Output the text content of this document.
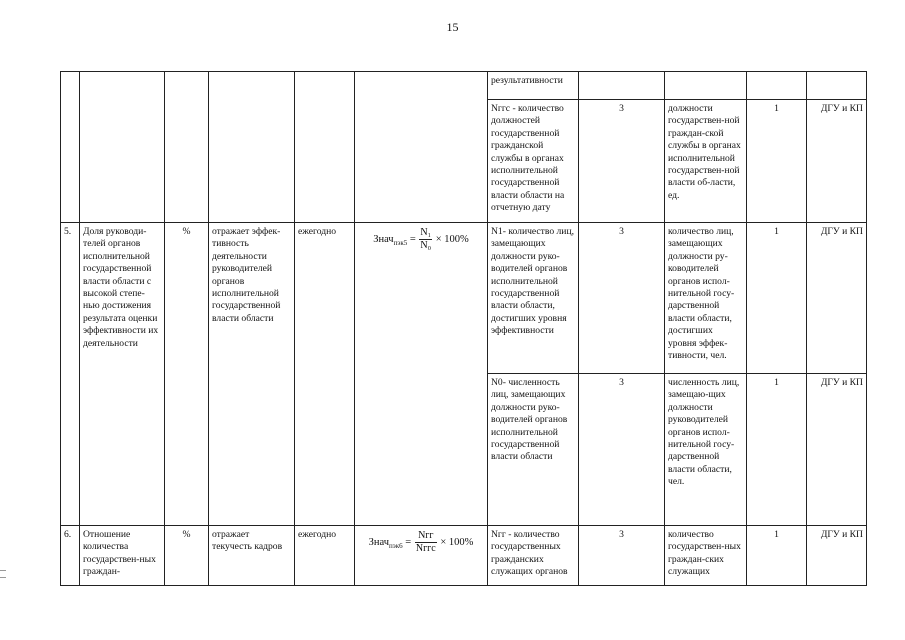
15
						результативности				
						Nггс - количество должностей государственной гражданской службы в органах исполнительной государственной власти области на отчетную дату	3	должности государствен-ной граждан-ской службы в органах исполнительной государствен-ной власти об-ласти, ед.	1	ДГУ и КП
5.	Доля руководи-телей органов исполнительной государственной власти области с высокой степе-нью достижения результата оценки эффективности их деятельности	%	отражает эффек-тивность деятельности руководителей органов исполнительной государственной власти области	ежегодно	Знач$_{пэк5}$ = $\frac{\text{N₁}}{\text{N₀}} \times 100\%$	N1- количество лиц, замещающих должности руко-водителей органов исполнительной государственной власти области, достигших уровня эффективности	3	количество лиц, замещающих должности ру-ководителей органов испол-нительной госу-дарственной власти области, достигших уровня эффек-тивности, чел.	1	ДГУ и КП
						N0- численность лиц, замещающих должности руко-водителей органов исполнительной государственной власти области	3	численность лиц, замещаю-щих должности руководителей органов испол-нительной госу-дарственной власти области, чел.	1	ДГУ и КП
6.	Отношение количества государствен-ных граждан-	%	отражает текучесть кадров	ежегодно	Знач$_{пэк6}$ = $\frac{\text{Nгг}}{\text{Nггс}} \times 100\%$	Nгг - количество государственных гражданских служащих органов	3	количество государствен-ных граждан-ских служащих	1	ДГУ и КП
